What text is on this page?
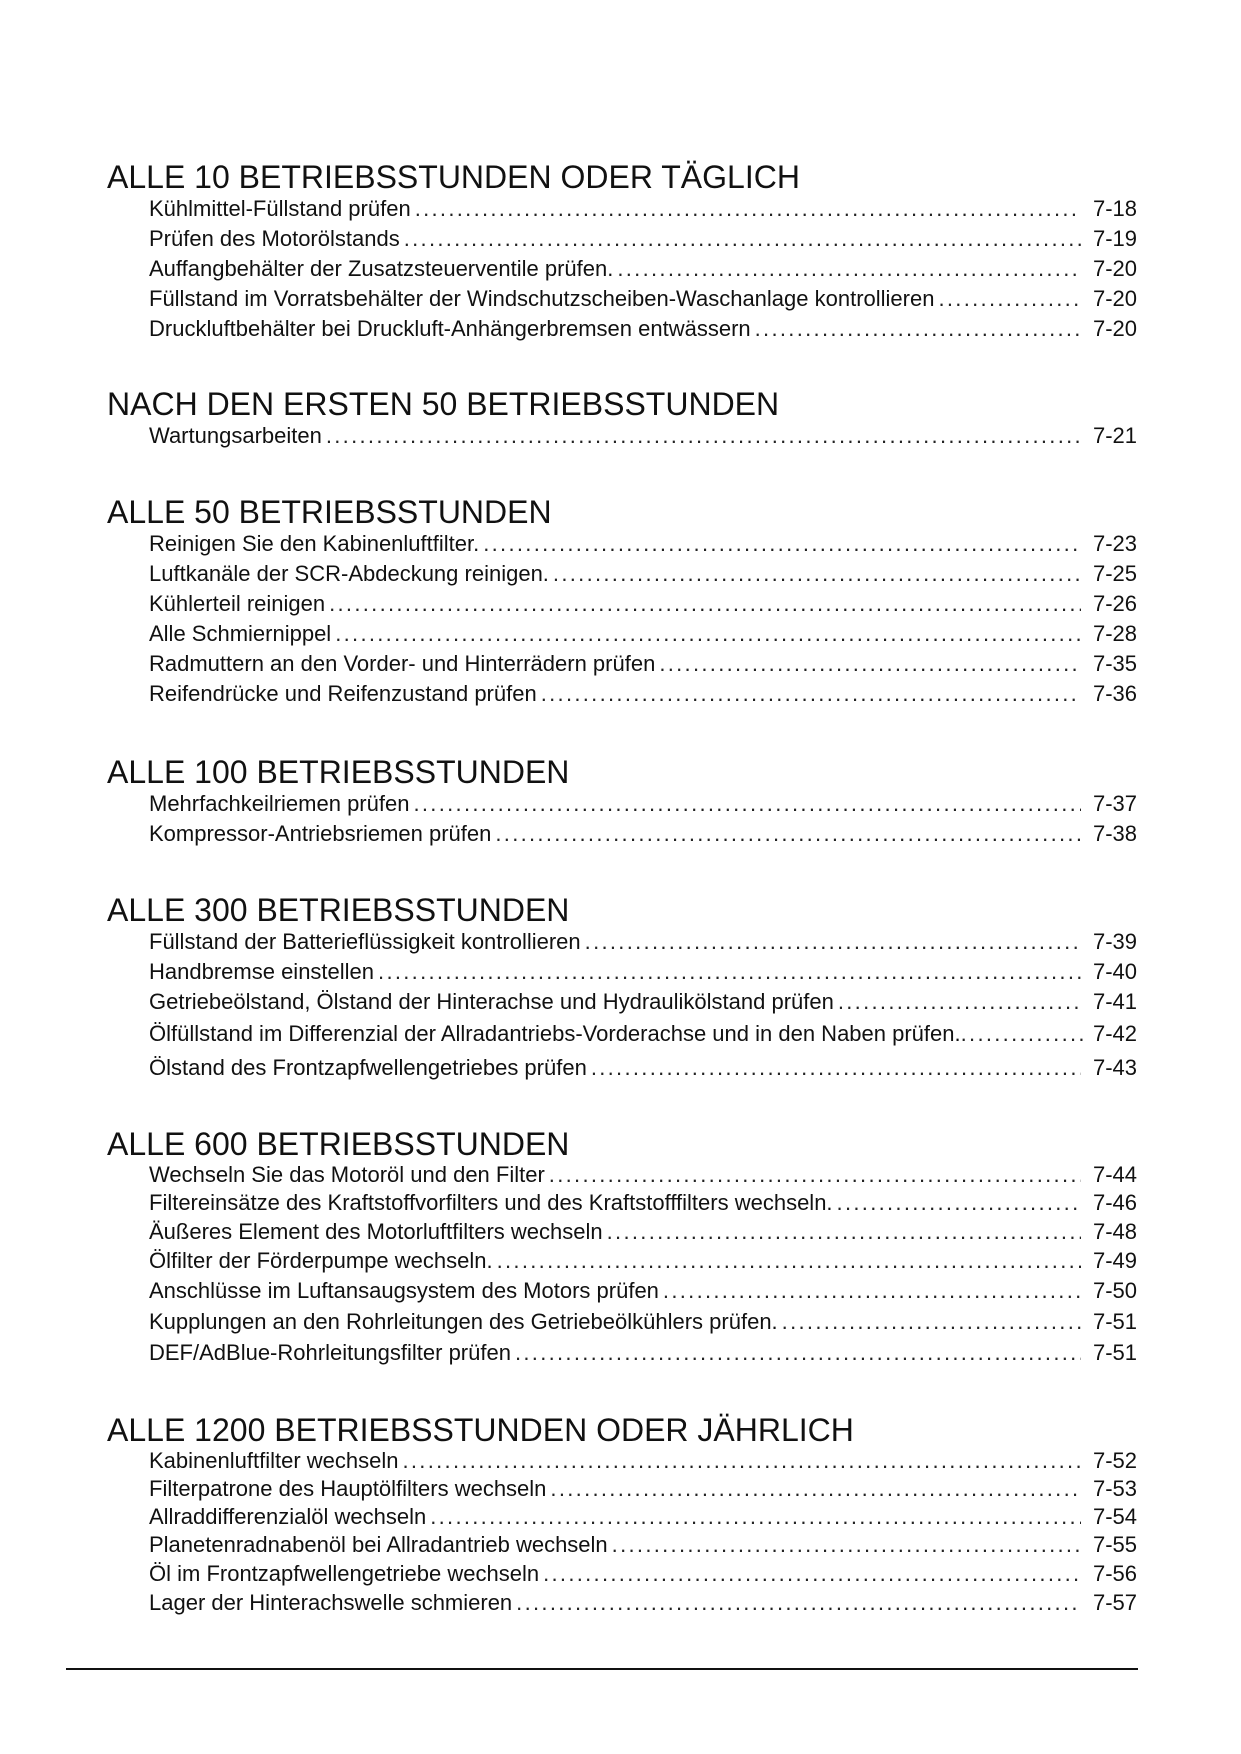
ALLE 10 BETRIEBSSTUNDEN ODER TÄGLICH
Kühlmittel-Füllstand prüfen .....	7-18
Prüfen des Motorölstands .....	7-19
Auffangbehälter der Zusatzsteuerventile prüfen. .....	7-20
Füllstand im Vorratsbehälter der Windschutzscheiben-Waschanlage kontrollieren .....	7-20
Druckluftbehälter bei Druckluft-Anhängerbremsen entwässern .....	7-20
NACH DEN ERSTEN 50 BETRIEBSSTUNDEN
Wartungsarbeiten .....	7-21
ALLE 50 BETRIEBSSTUNDEN
Reinigen Sie den Kabinenluftfilter. .....	7-23
Luftkanäle der SCR-Abdeckung reinigen. .....	7-25
Kühlerteil reinigen .....	7-26
Alle Schmiernippel .....	7-28
Radmuttern an den Vorder- und Hinterrädern prüfen .....	7-35
Reifendrücke und Reifenzustand prüfen .....	7-36
ALLE 100 BETRIEBSSTUNDEN
Mehrfachkeilriemen prüfen .....	7-37
Kompressor-Antriebsriemen prüfen .....	7-38
ALLE 300 BETRIEBSSTUNDEN
Füllstand der Batterieflüssigkeit kontrollieren .....	7-39
Handbremse einstellen .....	7-40
Getriebeölstand, Ölstand der Hinterachse und Hydraulikölstand prüfen .....	7-41
Ölfüllstand im Differenzial der Allradantriebs-Vorderachse und in den Naben prüfen. .....	7-42
Ölstand des Frontzapfwellengetriebes prüfen .....	7-43
ALLE 600 BETRIEBSSTUNDEN
Wechseln Sie das Motoröl und den Filter .....	7-44
Filtereinsätze des Kraftstoffvorfilters und des Kraftstofffilters wechseln. .....	7-46
Äußeres Element des Motorluftfilters wechseln .....	7-48
Ölfilter der Förderpumpe wechseln. .....	7-49
Anschlüsse im Luftansaugsystem des Motors prüfen .....	7-50
Kupplungen an den Rohrleitungen des Getriebeölkühlers prüfen. .....	7-51
DEF/AdBlue-Rohrleitungsfilter prüfen .....	7-51
ALLE 1200 BETRIEBSSTUNDEN ODER JÄHRLICH
Kabinenluftfilter wechseln .....	7-52
Filterpatrone des Hauptölfilters wechseln .....	7-53
Allraddifferenzialöl wechseln .....	7-54
Planetenradnabenöl bei Allradantrieb wechseln .....	7-55
Öl im Frontzapfwellengetriebe wechseln .....	7-56
Lager der Hinterachswelle schmieren .....	7-57
